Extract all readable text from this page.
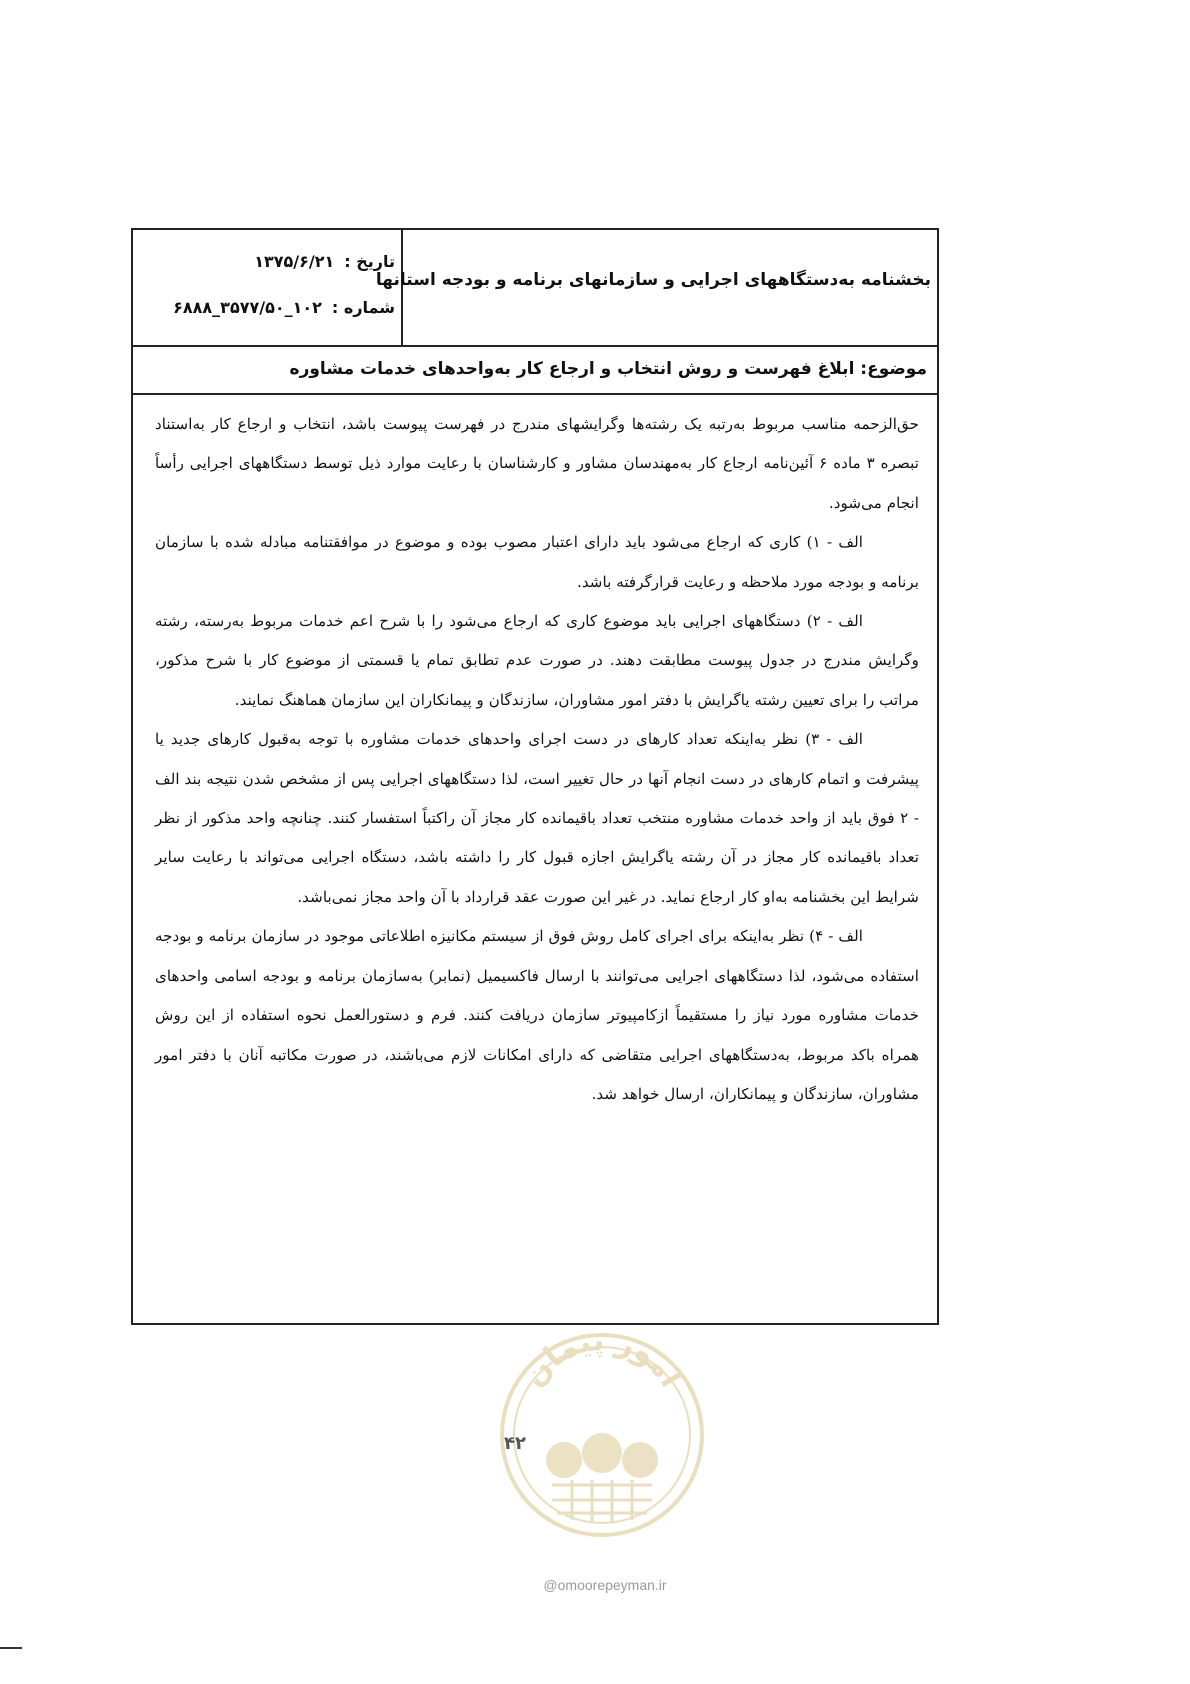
بخشنامه به‌دستگاههای اجرایی و سازمانهای برنامه و بودجه استانها
تاریخ :
۱۳۷۵/۶/۲۱
شماره :
۱۰۲_۳۵۷۷/۵۰_۶۸۸۸
موضوع: ابلاغ فهرست و روش انتخاب و ارجاع کار به‌واحدهای خدمات مشاوره

حق‌الزحمه مناسب مربوط به‌رتبه یک رشته‌ها وگرایشهای مندرج در فهرست پیوست باشد، انتخاب و ارجاع کار به‌استناد تبصره ۳ ماده ۶ آئین‌نامه ارجاع کار به‌مهندسان مشاور و کارشناسان با رعایت موارد ذیل توسط دستگاههای اجرایی رأساً انجام می‌شود.

الف - ۱) کاری که ارجاع می‌شود باید دارای اعتبار مصوب بوده و موضوع در موافقتنامه مبادله شده با سازمان برنامه و بودجه مورد ملاحظه و رعایت قرارگرفته باشد.

الف - ۲) دستگاههای اجرایی باید موضوع کاری که ارجاع می‌شود را با شرح اعم خدمات مربوط به‌رسته، رشته وگرایش مندرج در جدول پیوست مطابقت دهند. در صورت عدم تطابق تمام یا قسمتی از موضوع کار با شرح مذکور، مراتب را برای تعیین رشته یاگرایش با دفتر امور مشاوران، سازندگان و پیمانکاران این سازمان هماهنگ نمایند.

الف - ۳) نظر به‌اینکه تعداد کارهای در دست اجرای واحدهای خدمات مشاوره با توجه به‌قبول کارهای جدید یا پیشرفت و اتمام کارهای در دست انجام آنها در حال تغییر است، لذا دستگاههای اجرایی پس از مشخص شدن نتیجه بند الف - ۲ فوق باید از واحد خدمات مشاوره منتخب تعداد باقیمانده کار مجاز آن راکتباً استفسار کنند. چنانچه واحد مذکور از نظر تعداد باقیمانده کار مجاز در آن رشته یاگرایش اجازه قبول کار را داشته باشد، دستگاه اجرایی می‌تواند با رعایت سایر شرایط این بخشنامه به‌او کار ارجاع نماید. در غیر این صورت عقد قرارداد با آن واحد مجاز نمی‌باشد.

الف - ۴) نظر به‌اینکه برای اجرای کامل روش فوق از سیستم مکانیزه اطلاعاتی موجود در سازمان برنامه و بودجه استفاده می‌شود، لذا دستگاههای اجرایی می‌توانند با ارسال فاکسیمیل (نمابر) به‌سازمان برنامه و بودجه اسامی واحدهای خدمات مشاوره مورد نیاز را مستقیماً ازکامپیوتر سازمان دریافت کنند. فرم و دستورالعمل نحوه استفاده از این روش همراه باکد مربوط، به‌دستگاههای اجرایی متقاضی که دارای امکانات لازم می‌باشند، در صورت مکاتبه آنان با دفتر امور مشاوران، سازندگان و پیمانکاران، ارسال خواهد شد.

امور پیمان
۴۲
@omoorepeyman.ir
